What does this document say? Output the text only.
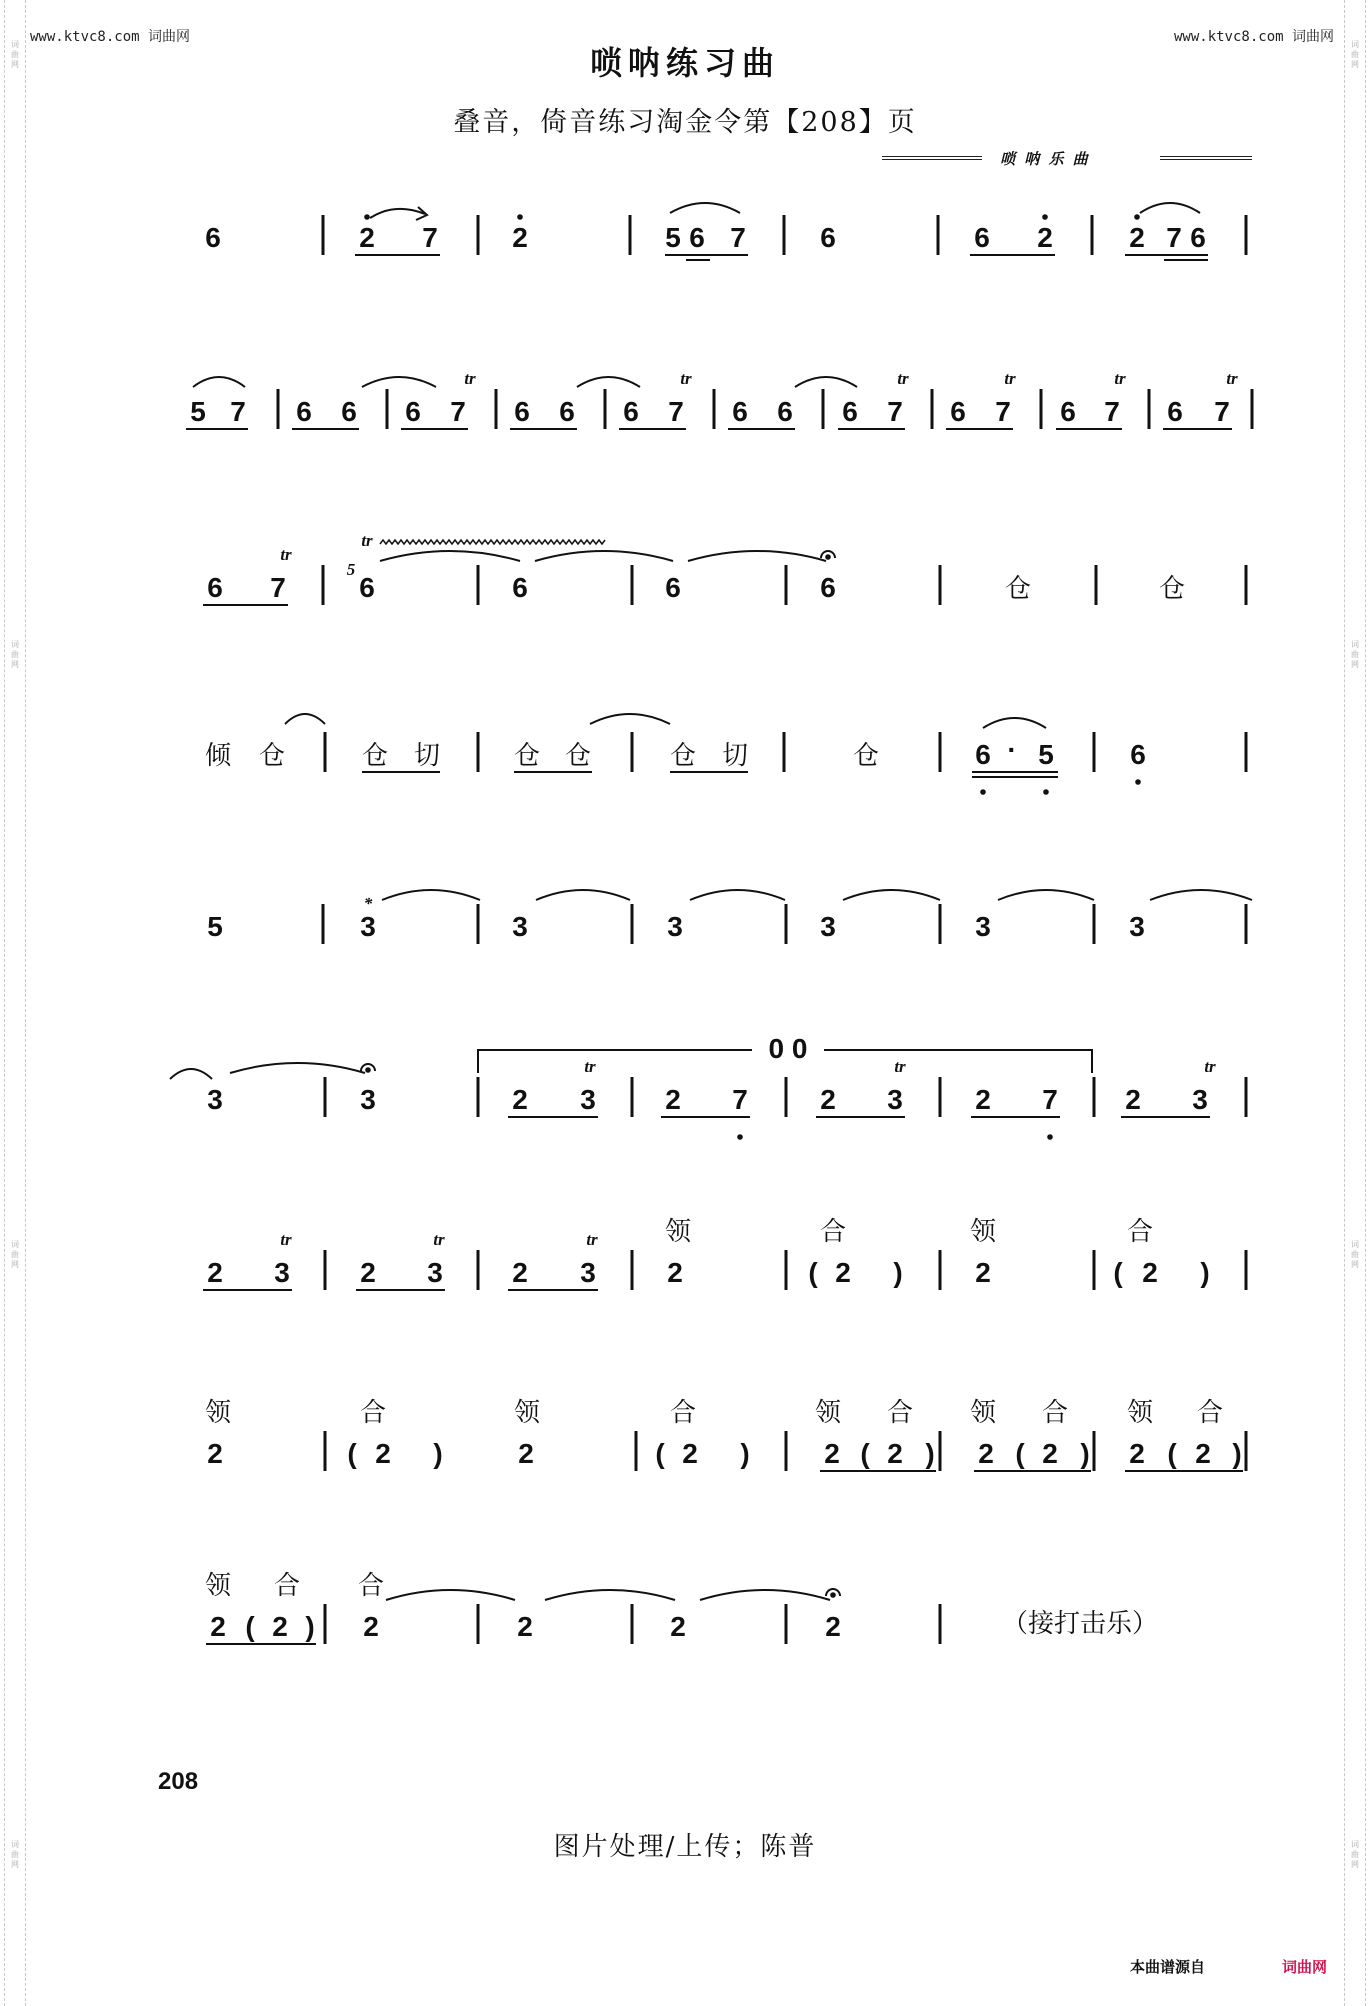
词
曲
网
词
曲
网
词
曲
网
词
曲
网
词
曲
网
词
曲
网
词
曲
网
词
曲
网
www.ktvc8.com 词曲网	www.ktvc8.com 词曲网
唢呐练习曲
叠音，倚音练习淘金令第【208】页
唢 呐 乐 曲
6	2 7	2	5 6 7	6	6 2	2 7 6
5 7 6 6 6 7 6 6 6 7 6 6 6 7 6 7 6 7 6 7
tr	tr	tr	tr	tr	tr
6 7
tr
5
6	6	6	6
tr
仓	仓
倾 仓	仓 切	仓 仓	仓 切	仓	6 · 5	6
5
*
3	3	3	3	3	3
3	3
0 0
2 3 2 7	2 3	2 7 2 3
tr	tr	tr
2 3
tr
2 3
tr
2 3
tr
2
领
( 2 )
合
2
领
( 2 )
合
领	合
2	( 2 )
领	合
2	( 2 )
领 合
2 ( 2 )
领 合
2 ( 2 )
领 合
2 ( 2 )
领 合 合
2 ( 2 ) 2	2	2	2	（接打击乐）
208
图片处理/上传；陈普
本曲谱源自	词曲网
